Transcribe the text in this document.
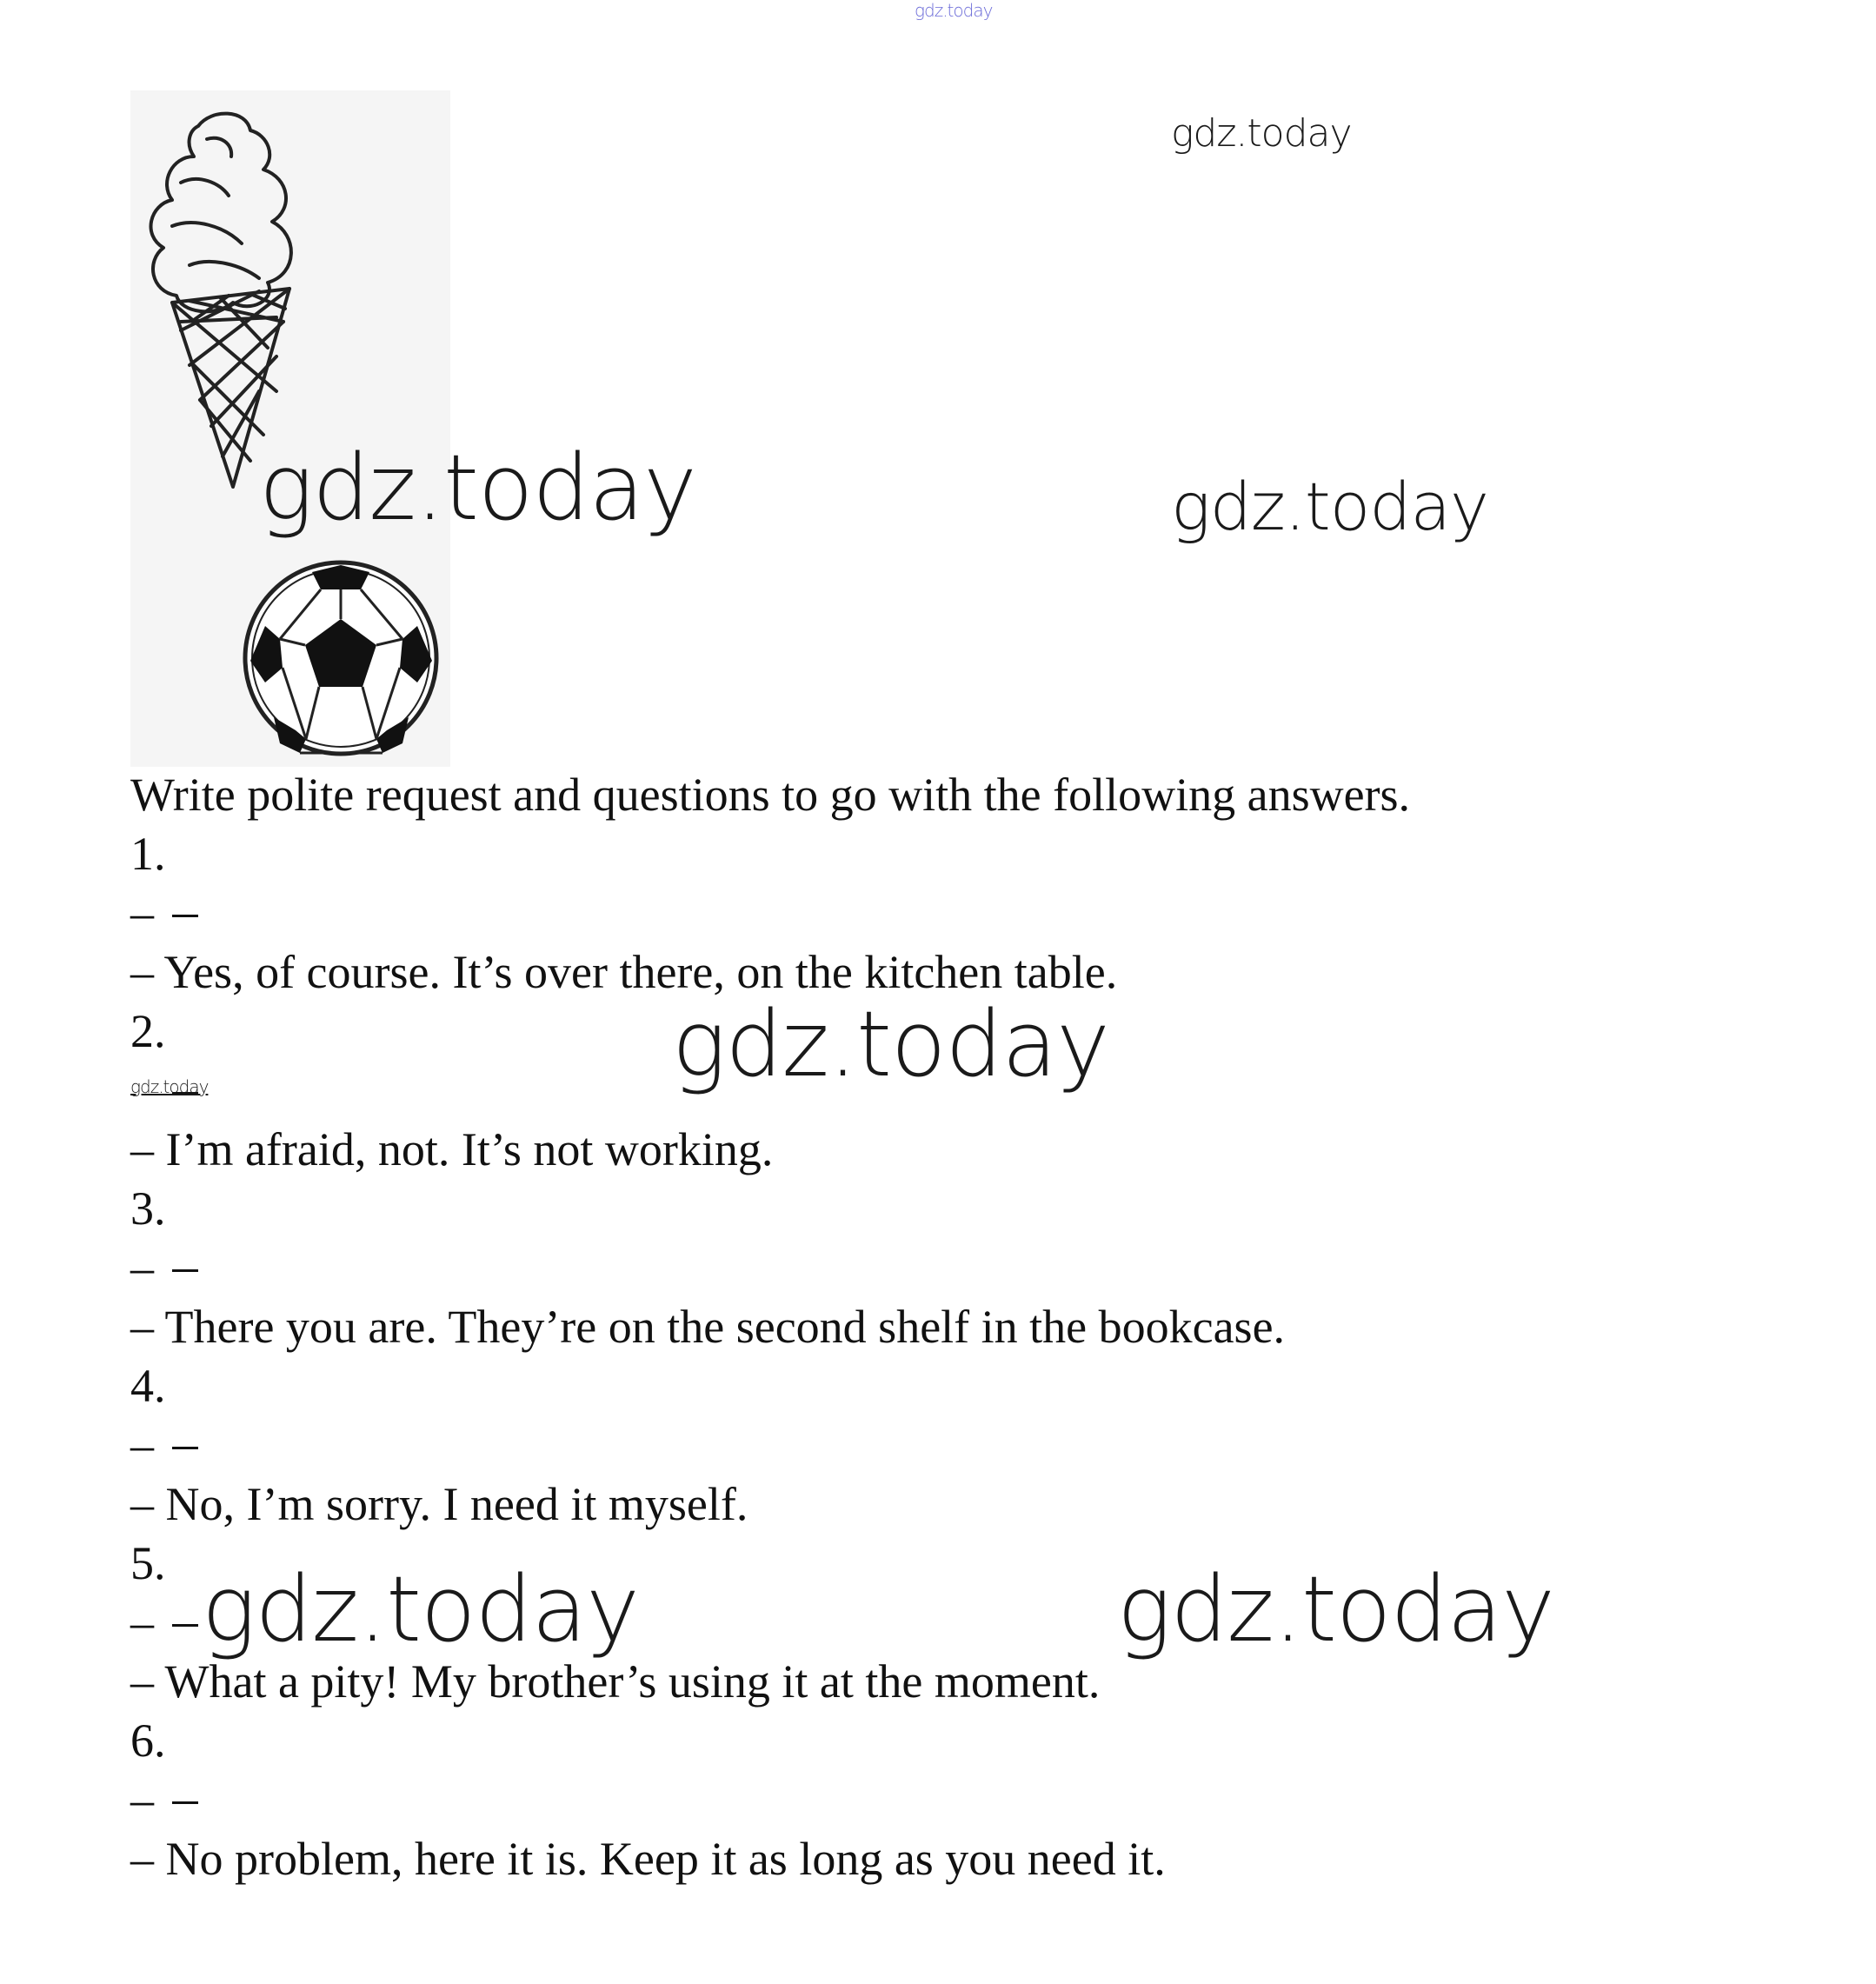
gdz.today
gdz.today
gdz.today
Write polite request and questions to go with the following answers.
1.
–
– Yes, of course. It’s over there, on the kitchen table.
2.
– I’m afraid, not. It’s not working.
3.
–
– There you are. They’re on the second shelf in the bookcase.
4.
–
– No, I’m sorry. I need it myself.
5.
–
– What a pity! My brother’s using it at the moment.
6.
–
– No problem, here it is. Keep it as long as you need it.
gdz.today
gdz.today
gdz.today
gdz.today	gdz.today
